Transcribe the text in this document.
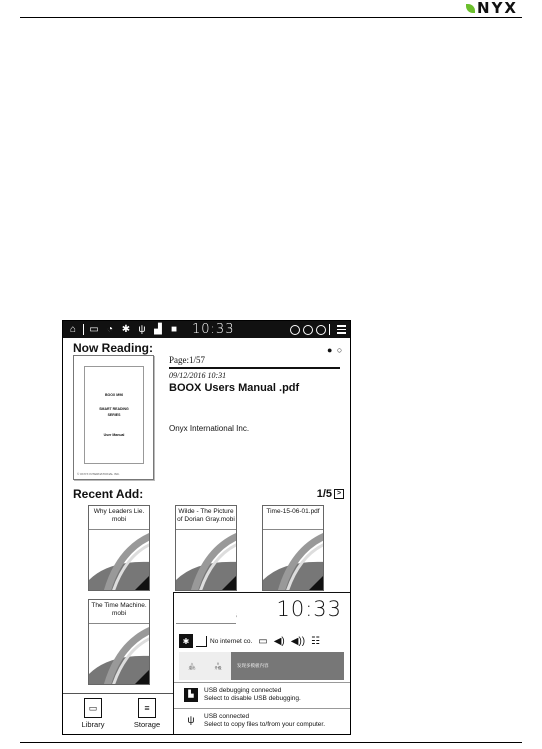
NYX
⌂ ▭ ◔ ✱ ψ ▟ ■ 10:33
Now Reading:	● ○
BOOX M96
SMART READING
SERIES
User Manual
© ONYX INTERNATIONAL INC.
Page:1/57
09/12/2016 10:31
BOOX Users Manual .pdf
Onyx International Inc.
Recent Add:	1/5 >
Why Leaders Lie. mobi
Wilde - The Picture of Dorian Gray.mobi
Time-15-06-01.pdf
The Time Machine. mobi
▭
Library
≡
Storage
10:33
✱	No internet co. ▭ ◀) ◀)) ☷
△
退出
⇧
升级	发现多模板内容
▙
USB debugging connected
Select to disable USB debugging.
ψ	USB connected
Select to copy files to/from your computer.
